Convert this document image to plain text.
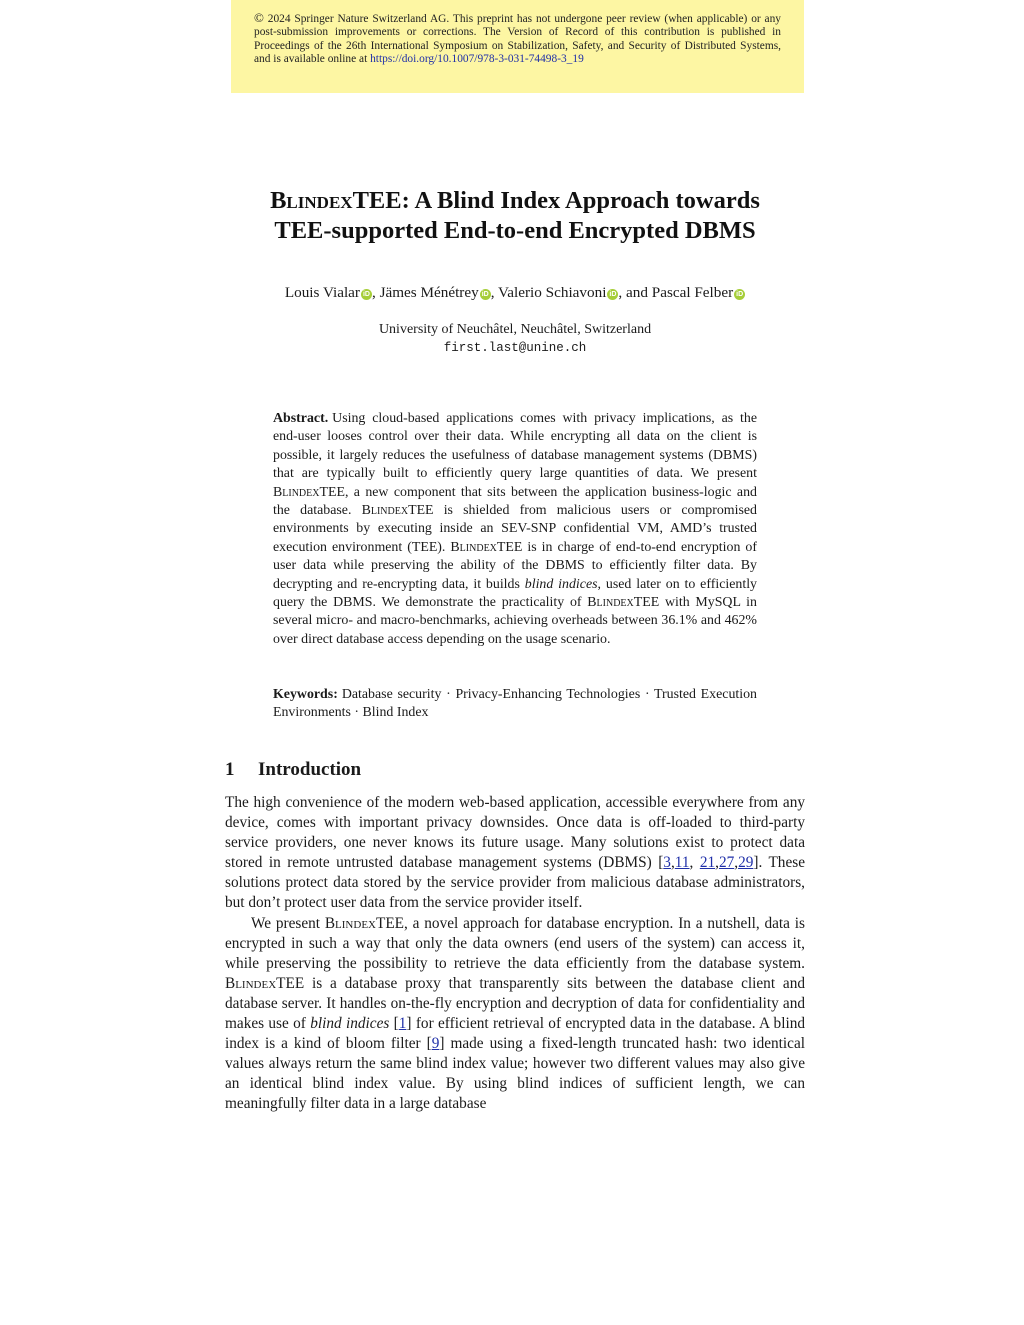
© 2024 Springer Nature Switzerland AG. This preprint has not undergone peer review (when applicable) or any post-submission improvements or corrections. The Version of Record of this contribution is published in Proceedings of the 26th International Symposium on Stabilization, Safety, and Security of Distributed Systems, and is available online at https://doi.org/10.1007/978-3-031-74498-3_19
BlindexTEE: A Blind Index Approach towards
TEE-supported End-to-end Encrypted DBMS
Louis Vialar iD , Jämes Ménétrey iD , Valerio Schiavoni iD , and Pascal Felber iD
University of Neuchâtel, Neuchâtel, Switzerland
first.last@unine.ch
Abstract. Using cloud-based applications comes with privacy implications, as the end-user looses control over their data. While encrypting all data on the client is possible, it largely reduces the usefulness of database management systems (DBMS) that are typically built to efficiently query large quantities of data. We present BlindexTEE, a new component that sits between the application business-logic and the database. BlindexTEE is shielded from malicious users or compromised environments by executing inside an SEV-SNP confidential VM, AMD’s trusted execution environment (TEE). BlindexTEE is in charge of end-to-end encryption of user data while preserving the ability of the DBMS to efficiently filter data. By decrypting and re-encrypting data, it builds blind indices, used later on to efficiently query the DBMS. We demonstrate the practicality of BlindexTEE with MySQL in several micro- and macro-benchmarks, achieving overheads between 36.1% and 462% over direct database access depending on the usage scenario.
Keywords: Database security · Privacy-Enhancing Technologies · Trusted Execution Environments · Blind Index
1 Introduction

The high convenience of the modern web-based application, accessible everywhere from any device, comes with important privacy downsides. Once data is off-loaded to third-party service providers, one never knows its future usage. Many solutions exist to protect data stored in remote untrusted database management systems (DBMS) [3,11, 21,27,29]. These solutions protect data stored by the service provider from malicious database administrators, but don’t protect user data from the service provider itself.

We present BlindexTEE, a novel approach for database encryption. In a nutshell, data is encrypted in such a way that only the data owners (end users of the system) can access it, while preserving the possibility to retrieve the data efficiently from the database system. BlindexTEE is a database proxy that transparently sits between the database client and database server. It handles on-the-fly encryption and decryption of data for confidentiality and makes use of blind indices [1] for efficient retrieval of encrypted data in the database. A blind index is a kind of bloom filter [9] made using a fixed-length truncated hash: two identical values always return the same blind index value; however two different values may also give an identical blind index value. By using blind indices of sufficient length, we can meaningfully filter data in a large database
